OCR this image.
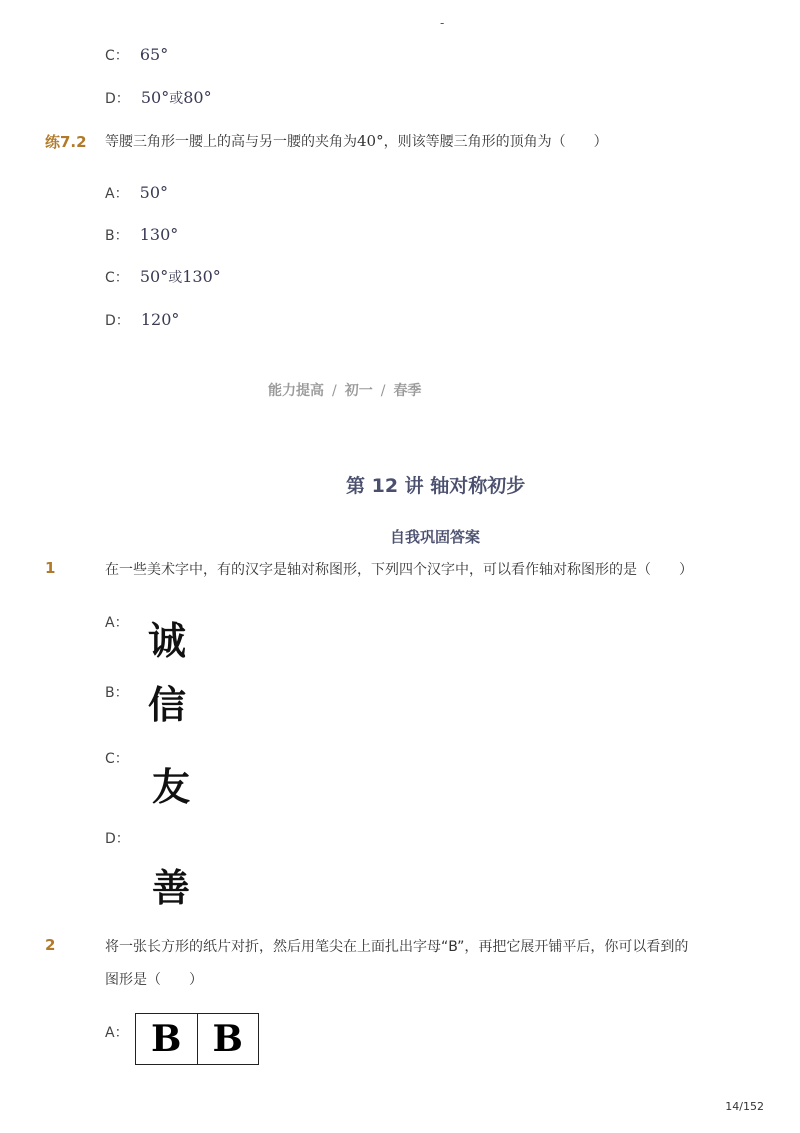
-
C： 65°
D： 50°或80°
练7.2 等腰三角形一腰上的高与另一腰的夹角为40°，则该等腰三角形的顶角为（　　）
A： 50°
B： 130°
C： 50°或130°
D： 120°
能力提高 / 初一 / 春季
第 12 讲 轴对称初步
自我巩固答案
1	在一些美术字中，有的汉字是轴对称图形，下列四个汉字中，可以看作轴对称图形的是（　　）
A： 诚
B： 信
C：
友
D：
善
2	将一张长方形的纸片对折，然后用笔尖在上面扎出字母“B”，再把它展开铺平后，你可以看到的
图形是（　　）
A： B B
14/152
